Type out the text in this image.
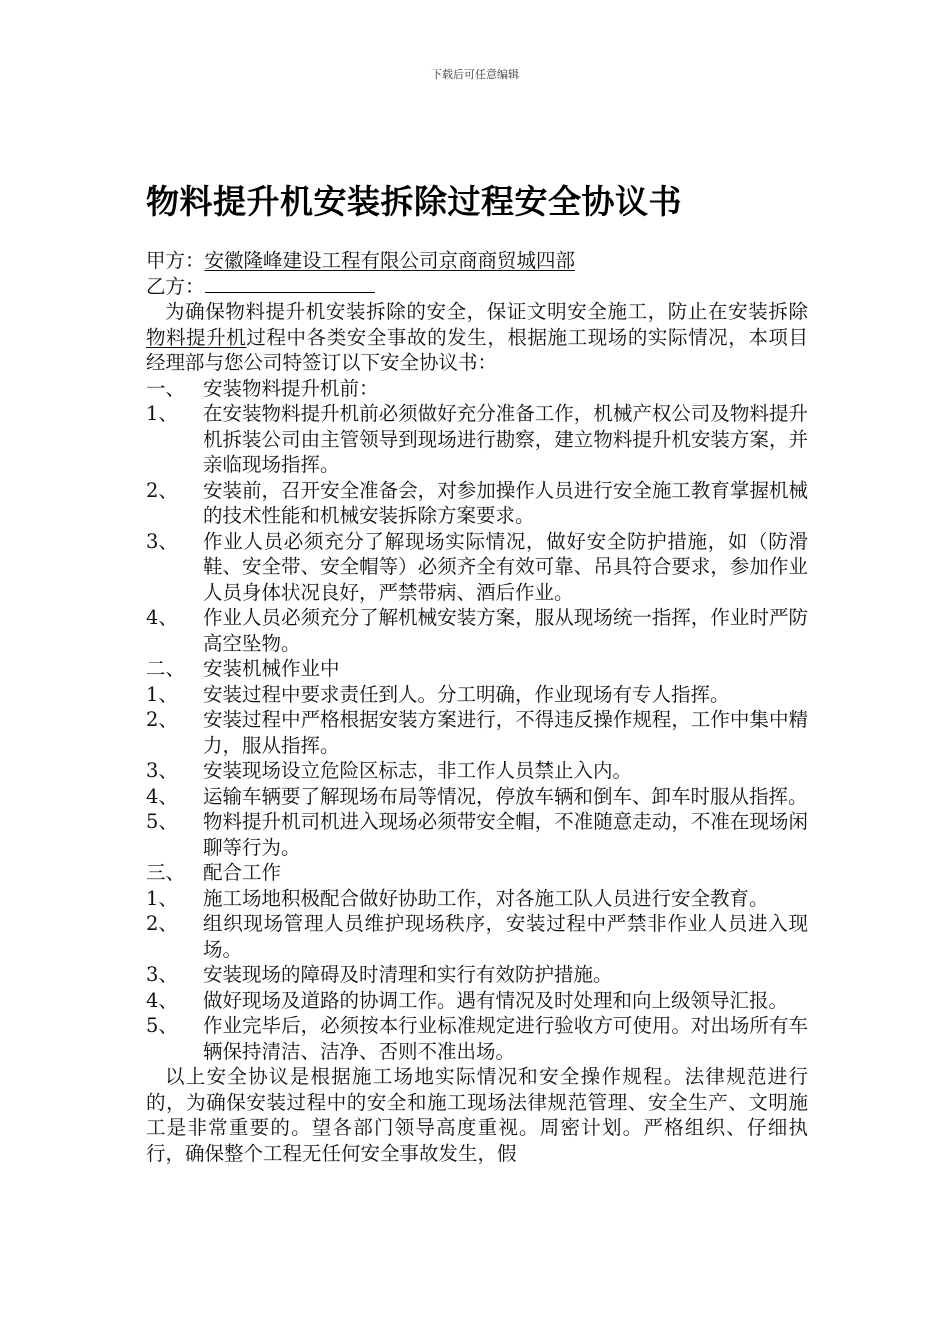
下载后可任意编辑
物料提升机安装拆除过程安全协议书
甲方：安徽隆峰建设工程有限公司京商商贸城四部
乙方：
为确保物料提升机安装拆除的安全，保证文明安全施工，防止在安装拆除物料提升机过程中各类安全事故的发生，根据施工现场的实际情况，本项目经理部与您公司特签订以下安全协议书：
一、 安装物料提升机前：
1、 在安装物料提升机前必须做好充分准备工作，机械产权公司及物料提升机拆装公司由主管领导到现场进行勘察，建立物料提升机安装方案，并亲临现场指挥。
2、 安装前，召开安全准备会，对参加操作人员进行安全施工教育掌握机械的技术性能和机械安装拆除方案要求。
3、 作业人员必须充分了解现场实际情况，做好安全防护措施，如（防滑鞋、安全带、安全帽等）必须齐全有效可靠、吊具符合要求，参加作业人员身体状况良好，严禁带病、酒后作业。
4、 作业人员必须充分了解机械安装方案，服从现场统一指挥，作业时严防高空坠物。
二、 安装机械作业中
1、 安装过程中要求责任到人。分工明确，作业现场有专人指挥。
2、 安装过程中严格根据安装方案进行，不得违反操作规程，工作中集中精力，服从指挥。
3、 安装现场设立危险区标志，非工作人员禁止入内。
4、 运输车辆要了解现场布局等情况，停放车辆和倒车、卸车时服从指挥。
5、 物料提升机司机进入现场必须带安全帽，不准随意走动，不准在现场闲聊等行为。
三、 配合工作
1、 施工场地积极配合做好协助工作，对各施工队人员进行安全教育。
2、 组织现场管理人员维护现场秩序，安装过程中严禁非作业人员进入现场。
3、 安装现场的障碍及时清理和实行有效防护措施。
4、 做好现场及道路的协调工作。遇有情况及时处理和向上级领导汇报。
5、 作业完毕后，必须按本行业标准规定进行验收方可使用。对出场所有车辆保持清洁、洁净、否则不准出场。
以上安全协议是根据施工场地实际情况和安全操作规程。法律规范进行的，为确保安装过程中的安全和施工现场法律规范管理、安全生产、文明施工是非常重要的。望各部门领导高度重视。周密计划。严格组织、仔细执行，确保整个工程无任何安全事故发生，假
